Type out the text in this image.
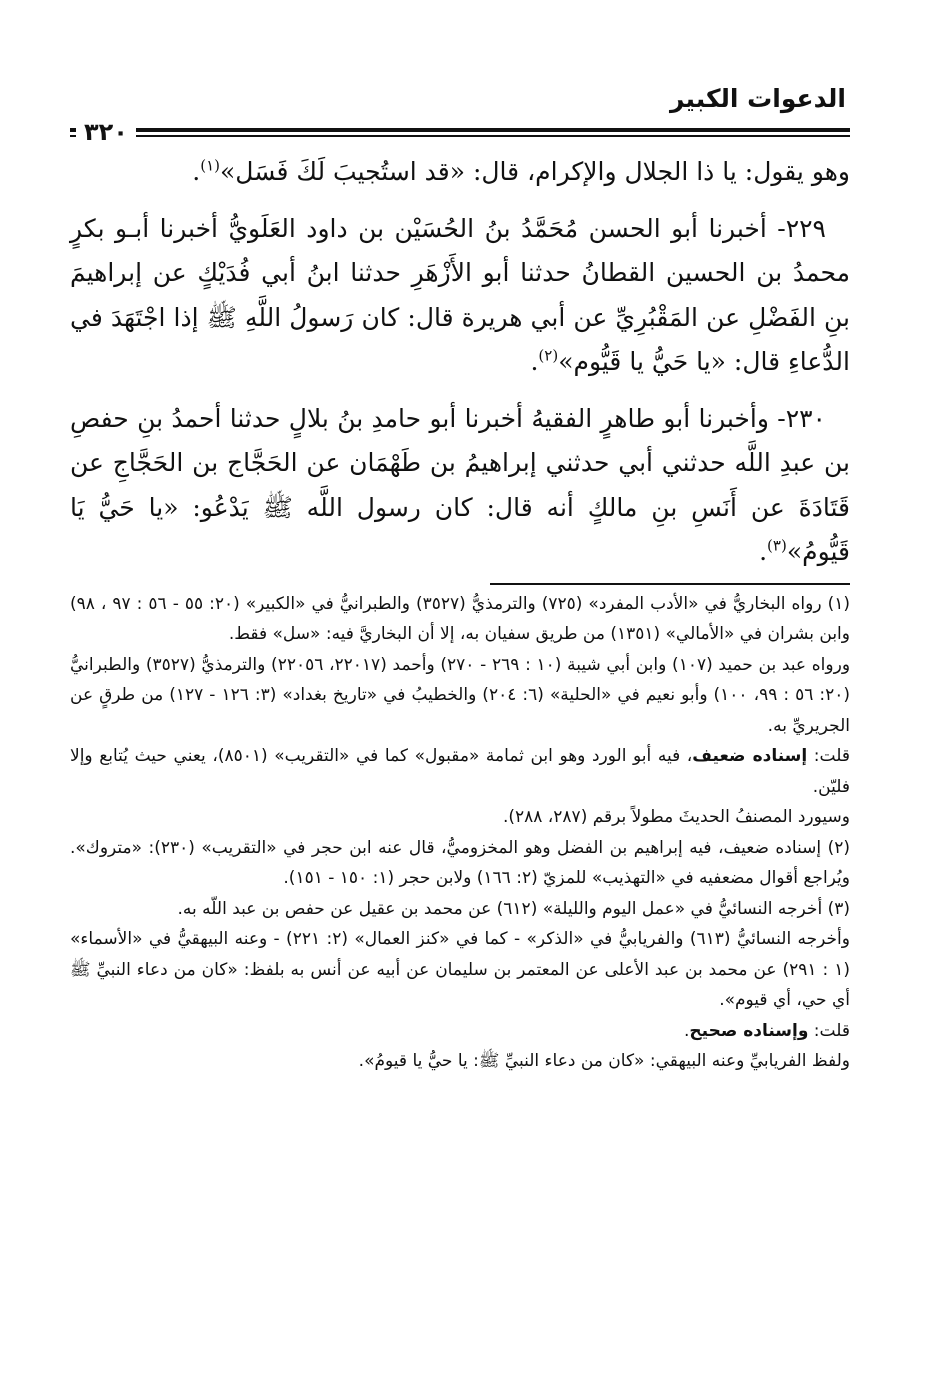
الدعوات الكبير
٣٢٠

وهو يقول: يا ذا الجلال والإكرام، قال: «قد استُجيبَ لَكَ فَسَل»$^{(١)}$.

٢٢٩- أخبرنا أبو الحسن مُحَمَّدُ بنُ الحُسَيْن بن داود العَلَويُّ أخبرنا أبـو بكرٍ محمدُ بن الحسين القطانُ حدثنا أبو الأَزْهَرِ حدثنا ابنُ أبي فُدَيْكٍ عن إبراهيمَ بنِ الفَضْلِ عن المَقْبُرِيِّ عن أبي هريرة قال: كان رَسولُ اللَّهِ ﷺ إذا اجْتَهَدَ في الدُّعاءِ قال: «يا حَيُّ يا قَيُّوم»$^{(٢)}$.

٢٣٠- وأخبرنا أبو طاهرٍ الفقيهُ أخبرنا أبو حامدِ بنُ بلالٍ حدثنا أحمدُ بنِ حفصِ بن عبدِ اللَّه حدثني أبي حدثني إبراهيمُ بن طَهْمَان عن الحَجَّاج بن الحَجَّاجِ عن قَتَادَةَ عن أَنَسِ بنِ مالكٍ أنه قال: كان رسول اللَّه ﷺ يَدْعُو: «يا حَيُّ يَا قَيُّومُ»$^{(٣)}$.

(١) رواه البخاريُّ في «الأدب المفرد» (٧٢٥) والترمذيُّ (٣٥٢٧) والطبرانيُّ في «الكبير» (٢٠: ٥٥ - ٥٦ : ٩٧ ، ٩٨) وابن بشران في «الأمالي» (١٣٥١) من طريق سفيان به، إلا أن البخاريَّ فيه: «سل» فقط.

ورواه عبد بن حميد (١٠٧) وابن أبي شيبة (١٠ : ٢٦٩ - ٢٧٠) وأحمد (٢٢٠١٧، ٢٢٠٥٦) والترمذيُّ (٣٥٢٧) والطبرانيُّ (٢٠: ٥٦ : ٩٩، ١٠٠) وأبو نعيم في «الحلية» (٦: ٢٠٤) والخطيبُ في «تاريخ بغداد» (٣: ١٢٦ - ١٢٧) من طرقٍ عن الجريريِّ به.

قلت: إسناده ضعيف، فيه أبو الورد وهو ابن ثمامة «مقبول» كما في «التقريب» (٨٥٠١)، يعني حيث يُتابع وإلا فليّن.

وسيورد المصنفُ الحديثَ مطولاً برقم (٢٨٧، ٢٨٨).

(٢) إسناده ضعيف، فيه إبراهيم بن الفضل وهو المخزوميُّ، قال عنه ابن حجر في «التقريب» (٢٣٠): «متروك». ويُراجع أقوال مضعفيه في «التهذيب» للمزيّ (٢: ١٦٦) ولابن حجر (١: ١٥٠ - ١٥١).

(٣) أخرجه النسائيُّ في «عمل اليوم والليلة» (٦١٢) عن محمد بن عقيل عن حفص بن عبد اللّه به.

وأخرجه النسائيُّ (٦١٣) والفريابيُّ في «الذكر» - كما في «كنز العمال» (٢: ٢٢١) - وعنه البيهقيُّ في «الأسماء» (١ : ٢٩١) عن محمد بن عبد الأعلى عن المعتمر بن سليمان عن أبيه عن أنس به بلفظ: «كان من دعاء النبيِّ ﷺ أي حي، أي قيوم».

قلت: وإسناده صحيح.

ولفظ الفريابيِّ وعنه البيهقي: «كان من دعاء النبيِّ ﷺ: يا حيُّ يا قيومُ».
